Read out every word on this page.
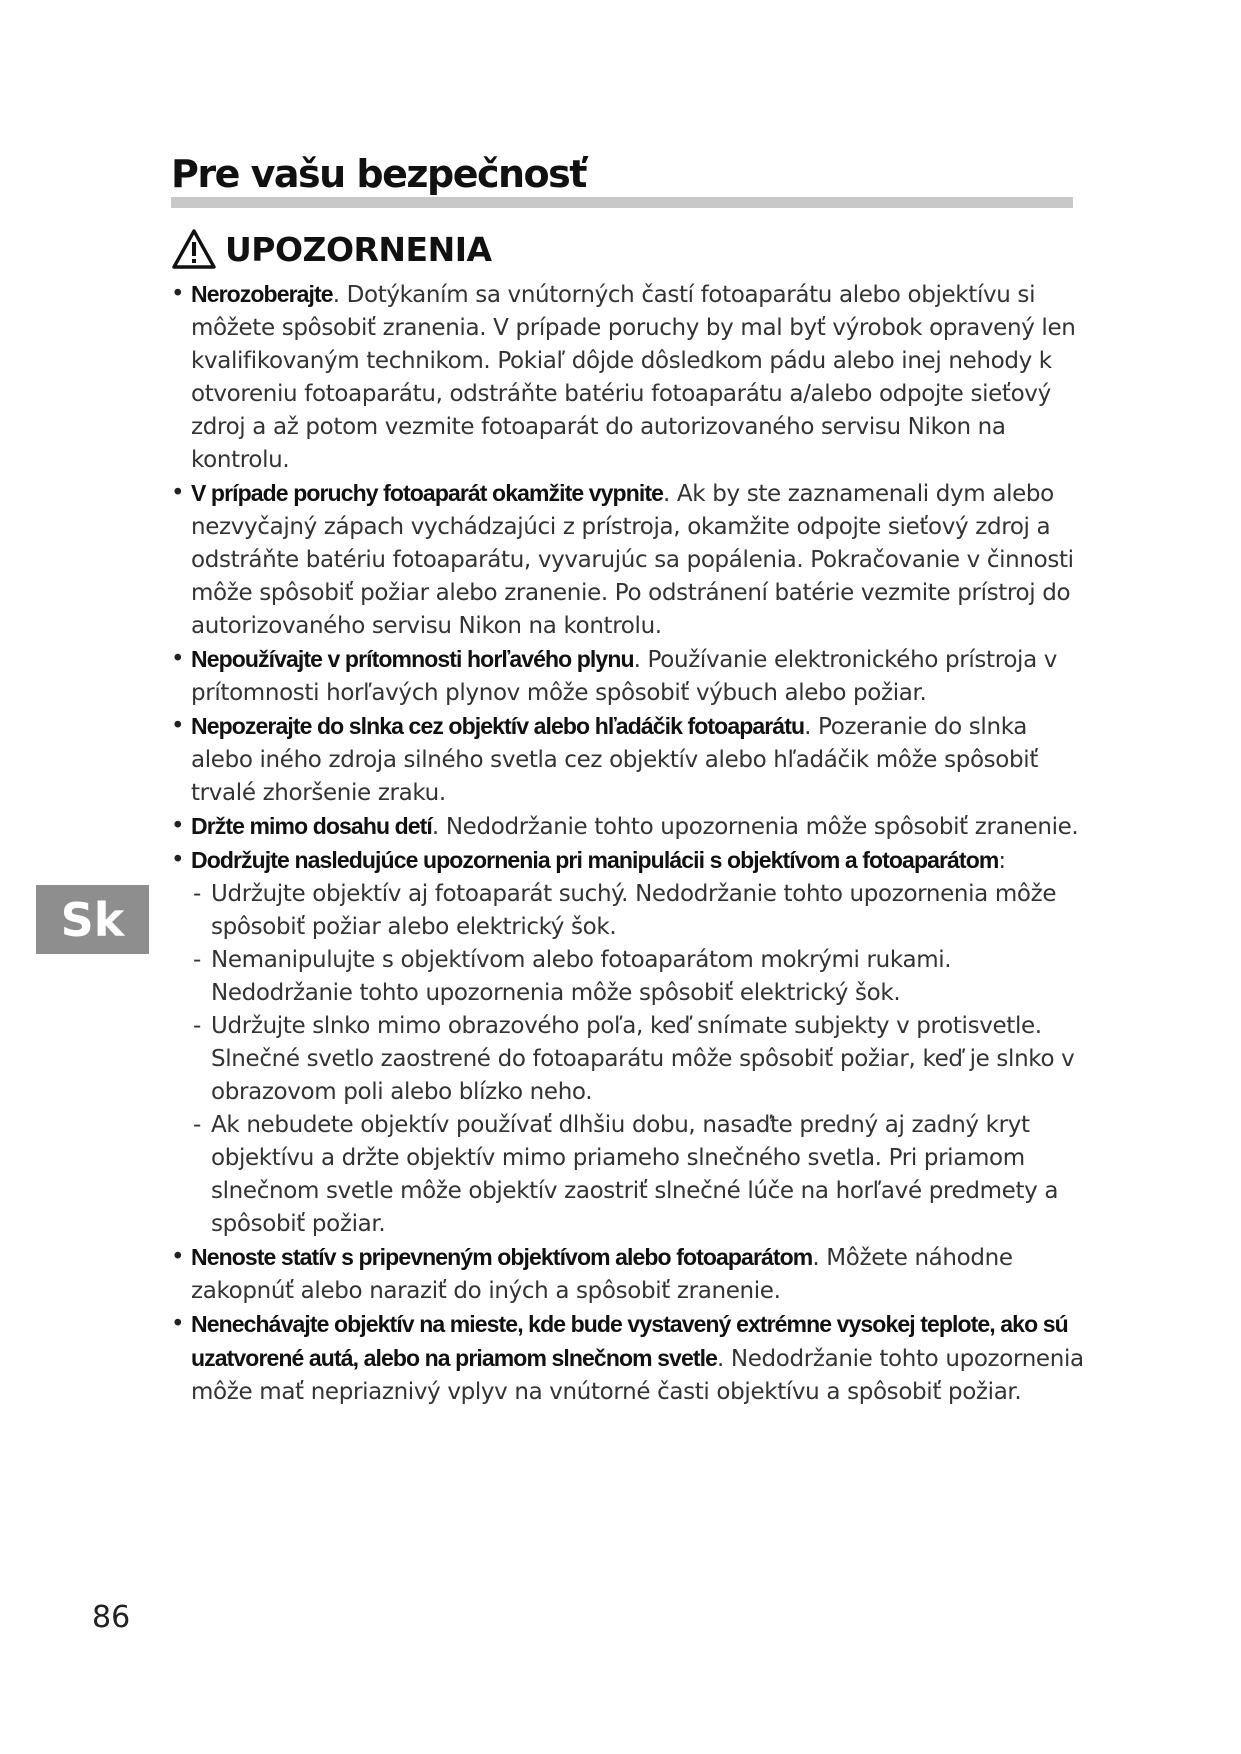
Pre vašu bezpečnosť
UPOZORNENIA
• Nerozoberajte. Dotýkaním sa vnútorných častí fotoaparátu alebo objektívu si môžete spôsobiť zranenia. V prípade poruchy by mal byť výrobok opravený len kvalifikovaným technikom. Pokiaľ dôjde dôsledkom pádu alebo inej nehody k otvoreniu fotoaparátu, odstráňte batériu fotoaparátu a/alebo odpojte sieťový zdroj a až potom vezmite fotoaparát do autorizovaného servisu Nikon na kontrolu.
• V prípade poruchy fotoaparát okamžite vypnite. Ak by ste zaznamenali dym alebo nezvyčajný zápach vychádzajúci z prístroja, okamžite odpojte sieťový zdroj a odstráňte batériu fotoaparátu, vyvarujúc sa popálenia. Pokračovanie v činnosti môže spôsobiť požiar alebo zranenie. Po odstránení batérie vezmite prístroj do autorizovaného servisu Nikon na kontrolu.
• Nepoužívajte v prítomnosti horľavého plynu. Používanie elektronického prístroja v prítomnosti horľavých plynov môže spôsobiť výbuch alebo požiar.
• Nepozerajte do slnka cez objektív alebo hľadáčik fotoaparátu. Pozeranie do slnka alebo iného zdroja silného svetla cez objektív alebo hľadáčik môže spôsobiť trvalé zhoršenie zraku.
• Držte mimo dosahu detí. Nedodržanie tohto upozornenia môže spôsobiť zranenie.
• Dodržujte nasledujúce upozornenia pri manipulácii s objektívom a fotoaparátom:
- Udržujte objektív aj fotoaparát suchý. Nedodržanie tohto upozornenia môže spôsobiť požiar alebo elektrický šok.
- Nemanipulujte s objektívom alebo fotoaparátom mokrými rukami. Nedodržanie tohto upozornenia môže spôsobiť elektrický šok.
- Udržujte slnko mimo obrazového poľa, keď snímate subjekty v protisvetle. Slnečné svetlo zaostrené do fotoaparátu môže spôsobiť požiar, keď je slnko v obrazovom poli alebo blízko neho.
- Ak nebudete objektív používať dlhšiu dobu, nasaďte predný aj zadný kryt objektívu a držte objektív mimo priameho slnečného svetla. Pri priamom slnečnom svetle môže objektív zaostriť slnečné lúče na horľavé predmety a spôsobiť požiar.
• Nenoste statív s pripevneným objektívom alebo fotoaparátom. Môžete náhodne zakopnúť alebo naraziť do iných a spôsobiť zranenie.
• Nenechávajte objektív na mieste, kde bude vystavený extrémne vysokej teplote, ako sú uzatvorené autá, alebo na priamom slnečnom svetle. Nedodržanie tohto upozornenia môže mať nepriaznivý vplyv na vnútorné časti objektívu a spôsobiť požiar.
Sk
86
